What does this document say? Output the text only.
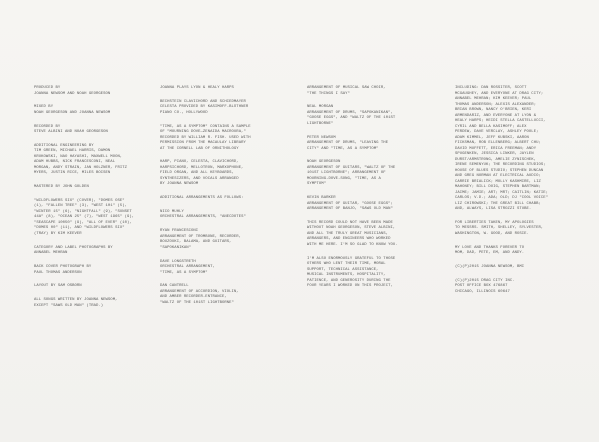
PRODUCED BY
JOANNA NEWSOM AND NOAH GEORGESON
MIXED BY
NOAH GEORGESON AND JOANNA NEWSOM
RECORDED BY
STEVE ALBINI AND NOAH GEORGESON
ADDITIONAL ENGINEERING BY
TIM GREEN, MICHAEL HARRIS, DAMON
KRUKOWSKI, NAO HAYASHI, MAXWELL MOON,
ADAM HUBBS, NICK FRANCESCONI, NEAL
MORGAN, ANDY STRAIN, JAN HOLZNER, FRITZ
MYERS, JUSTIN RICE, MILES BOISEN
MASTERED BY JOHN GOLDEN
"WILDFLOWERS SIX" (COVER), "DOMES OSE"
(1), "FALLEN TREE" (3), "WEST 101" (5),
"WINTER 15" (6), "NIGHTFALL" (9), "SUNSET
44A" (8), "OCEAN 25" (7), "WEST 1965" (9),
"SEASCAPE 10050" (9), "ALL OF EVER" (10),
"DOMES 00" (11), AND "WILDFLOWERS SIX"
(TRAY) BY KIM KEEVER
CATEGORY AND LABEL PHOTOGRAPHS BY
ANNABEL MEHRAN
BACK COVER PHOTOGRAPH BY
PAUL THOMAS ANDERSON
LAYOUT BY SAM OSBORN
ALL SONGS WRITTEN BY JOANNA NEWSOM,
EXCEPT "SAWS OLD MAN" (TRAD.)
JOANNA PLAYS LYON & HEALY HARPS
BECHSTEIN CLAVICHORD AND SCHIEDMAYER
CELESTA PROVIDED BY KASIMOFF-BLÜTHNER
PIANO CO., HOLLYWOOD
"TIME, AS A SYMPTOM" CONTAINS A SAMPLE
OF "MOURNING DOVE—ZENAIDA MACROURA,"
RECORDED BY WILLIAM R. FISH. USED WITH
PERMISSION FROM THE MACAULAY LIBRARY
AT THE CORNELL LAB OF ORNITHOLOGY
HARP, PIANO, CELESTA, CLAVICHORD,
HARPSICHORD, MELLOTRON, MARXOPHONE,
FIELD ORGAN, AND ALL KEYBOARDS,
SYNTHESIZERS, AND VOCALS ARRANGED
BY JOANNA NEWSOM
ADDITIONAL ARRANGEMENTS AS FOLLOWS:
NICO MUHLY
ORCHESTRAL ARRANGEMENTS, "ANECDOTES"
RYAN FRANCESCONI
ARRANGEMENT OF TROMBONE, RECORDER,
BOUZOUKI, BALAMA, AND GUITARS,
"SAPOKANIKAN"
DAVE LONGSTRETH
ORCHESTRAL ARRANGEMENT,
"TIME, AS A SYMPTOM"
DAN CANTRELL
ARRANGEMENT OF ACCORDION, VIOLIN,
AND AMBER RECORDER-ENTRANCE,
"WALTZ OF THE 101ST LIGHTBORNE"
ARRANGEMENT OF MUSICAL SAW CHOIR,
"THE THINGS I SAY"
NEAL MORGAN
ARRANGEMENT OF DRUMS, "SAPOKANIKAN",
"GOOSE EGGS", AND "WALTZ OF THE 101ST
LIGHTBORNE"
PETER NEWSOM
ARRANGEMENT OF DRUMS, "LEAVING THE
CITY" AND "TIME, AS A SYMPTOM"
NOAH GEORGESON
ARRANGEMENT OF GUITARS, "WALTZ OF THE
101ST LIGHTBORNE"; ARRANGEMENT OF
MOURNING-DOVE-SONG, "TIME, AS A
SYMPTOM"
KEVIN BARKER
ARRANGEMENT OF GUITAR, "GOOSE EGGS";
ARRANGEMENT OF BANJO, "SAWS OLD MAN"
THIS RECORD COULD NOT HAVE BEEN MADE
WITHOUT NOAH GEORGESON, STEVE ALBINI,
AND ALL THE TRULY GREAT MUSICIANS,
ARRANGERS, AND ENGINEERS WHO WORKED
WITH ME HERE. I'M SO GLAD TO KNOW YOU.
I'M ALSO ENORMOUSLY GRATEFUL TO THOSE
OTHERS WHO LENT THEIR TIME, MORAL
SUPPORT, TECHNICAL ASSISTANCE,
MUSICAL INSTRUMENTS, HOSPITALITY,
PATIENCE, AND GENEROSITY DURING THE
FOUR YEARS I WORKED ON THIS PROJECT,
INCLUDING: DAN ROSSITER, SCOTT
MCGAUGHEY, AND EVERYONE AT DRAG CITY;
ANNABEL MEHRAN; KIM KEEVER; PAUL
THOMAS ANDERSON; ALEXIS ALEXANDER;
BRIAN BROWN, NANCY O'BRIEN, KERI
ARMENDARIZ, AND EVERYONE AT LYON &
HEALY HARPS; HEIDI STELLA CASTELLUCCI,
CYRIL AND BELLA KASIMOFF; ALEX
PERDEW, DAVE VERCLAY, ASHLEY POOLE;
ADAM KIMMEL, JEFF KUBSKI, AARON
FICKSMAN, ROB ELLENBERG; ALBERT CHU;
DAVID MUFFETT, ERICA FREEMAN; ANDY
SPUGENKEN, JESSICA LINKER, JAYLEN
DURST/ARMSTRONG, AMELIE ZYNISCHEK,
IRENE SEMENYUK; THE RECORDING STUDIOS;
HOUSE OF BLUES STUDIO; STEPHEN DUNCAN
AND GREG NORMAN AT ELECTRICAL AUDIO;
CARRIE BRIALICK; MOLLY KASHMIRE, LIZ
MAHONEY; BILL DOIG, STEPHEN BARTMAN;
JAIME; JAMIE; ART; MRT; CAITLIN; KATIE;
CARLOS; V.D.; ADA; OLD; DJ "COOL VOICE"
LIZ CHIROWSKI; THE GREAT BILL CHABB;
AND, ALWAYS, LISA STROZZI STUBE.
FOR LIBERTIES TAKEN, MY APOLOGIES
TO MESSRS. SMITH, SHELLEY, SYLVESTER,
WASHINGTON, W. GOOD, AND ROSIE.
MY LOVE AND THANKS FOREVER TO
MOM, DAD, PETE, EM, AND ANDY.
(C)(P)2015 JOANNA NEWSOM, BMI
(C)(P)2015 DRAG CITY INC.
POST OFFICE BOX 476867
CHICAGO, ILLINOIS 60647
